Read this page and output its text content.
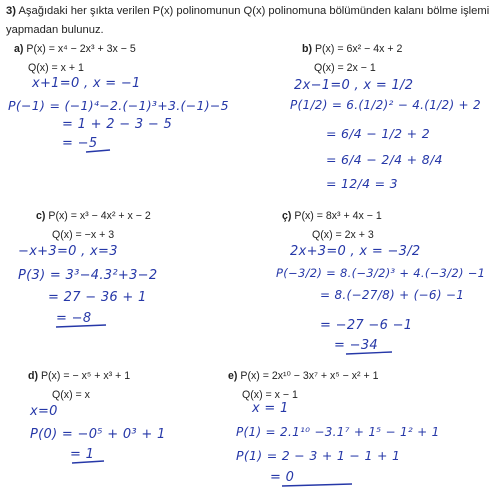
3) Aşağıdaki her şıkta verilen P(x) polinomunun Q(x) polinomuna bölümünden kalanı bölme işlemi yapmadan bulunuz.
a) P(x) = x⁴ − 2x³ + 3x − 5
Q(x) = x + 1
x+1=0 , x = −1
P(−1) = (−1)⁴−2.(−1)³+3.(−1)−5
= 1 + 2 − 3 − 5
= −5
b) P(x) = 6x² − 4x + 2
Q(x) = 2x − 1
2x−1=0 , x = 1/2
P(1/2) = 6.(1/2)² − 4.(1/2) + 2
= 6/4 − 1/2 + 2
= 6/4 − 2/4 + 8/4
= 12/4 = 3
c) P(x) = x³ − 4x² + x − 2
Q(x) = −x + 3
−x+3=0 , x=3
P(3) = 3³−4.3²+3−2
= 27 − 36 + 1
= −8
ç) P(x) = 8x³ + 4x − 1
Q(x) = 2x + 3
2x+3=0 , x = −3/2
P(−3/2) = 8.(−3/2)³ + 4.(−3/2) −1
= 8.(−27/8) + (−6) −1
= −27 −6 −1
= −34
d) P(x) = − x⁵ + x³ + 1
Q(x) = x
x=0
P(0) = −0⁵ + 0³ + 1
= 1
e) P(x) = 2x¹⁰ − 3x⁷ + x⁵ − x² + 1
Q(x) = x − 1
x = 1
P(1) = 2.1¹⁰ −3.1⁷ + 1⁵ − 1² + 1
P(1) = 2 − 3 + 1 − 1 + 1
= 0
